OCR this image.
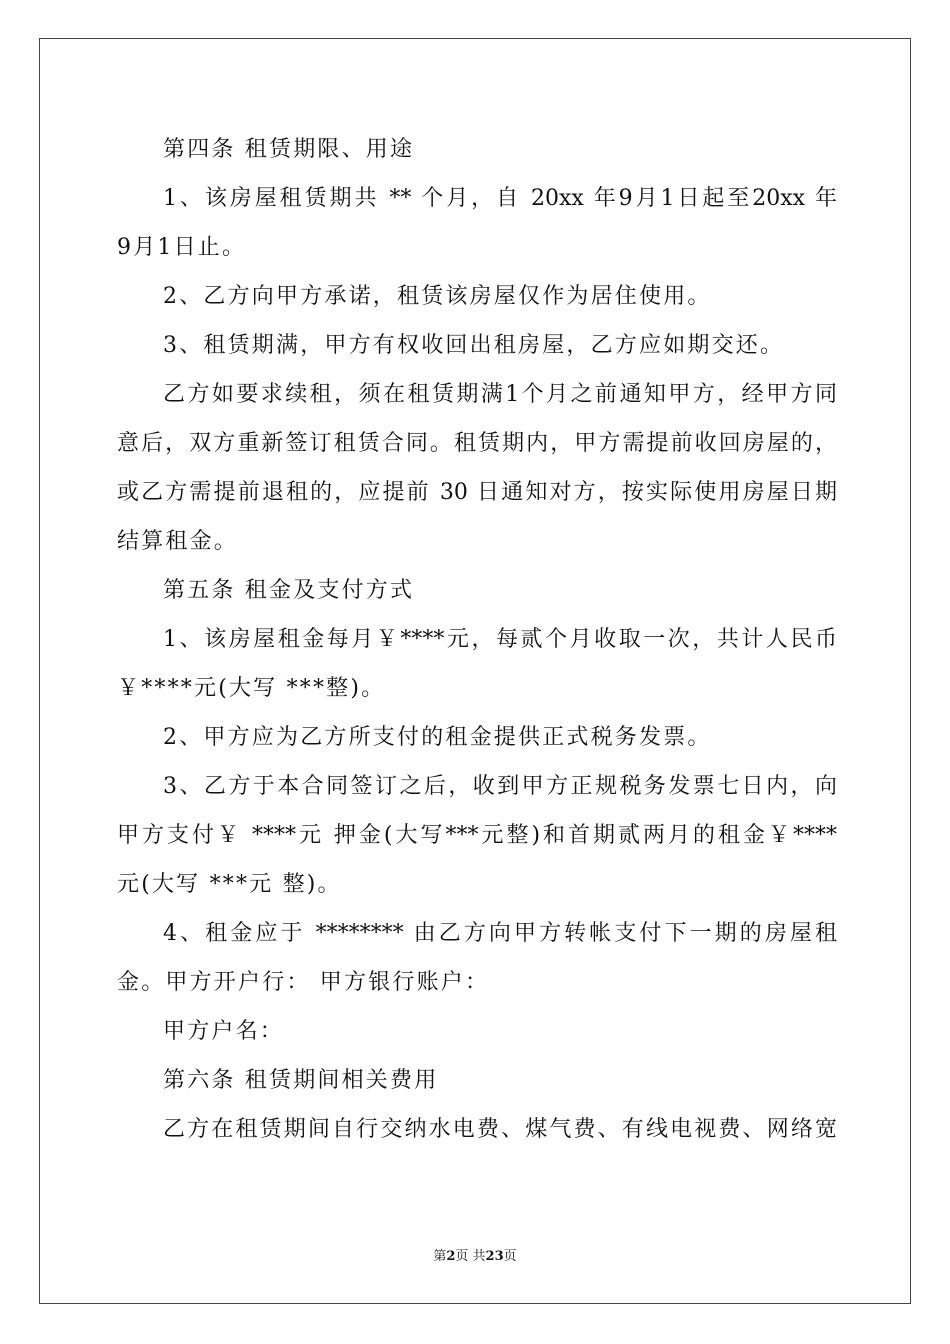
第四条 租赁期限、用途
1、该房屋租赁期共 ** 个月，自 20xx 年9月1日起至20xx 年
9月1日止。
2、乙方向甲方承诺，租赁该房屋仅作为居住使用。
3、租赁期满，甲方有权收回出租房屋，乙方应如期交还。
乙方如要求续租，须在租赁期满1个月之前通知甲方，经甲方同
意后，双方重新签订租赁合同。租赁期内，甲方需提前收回房屋的，
或乙方需提前退租的，应提前 30 日通知对方，按实际使用房屋日期
结算租金。
第五条 租金及支付方式
1、该房屋租金每月￥****元，每贰个月收取一次，共计人民币
￥****元(大写 ***整)。
2、甲方应为乙方所支付的租金提供正式税务发票。
3、乙方于本合同签订之后，收到甲方正规税务发票七日内，向
甲方支付￥ ****元 押金(大写***元整)和首期贰两月的租金￥****
元(大写 ***元 整)。
4、租金应于 ******** 由乙方向甲方转帐支付下一期的房屋租
金。甲方开户行： 甲方银行账户：
甲方户名：
第六条 租赁期间相关费用
乙方在租赁期间自行交纳水电费、煤气费、有线电视费、网络宽
第2页 共23页
